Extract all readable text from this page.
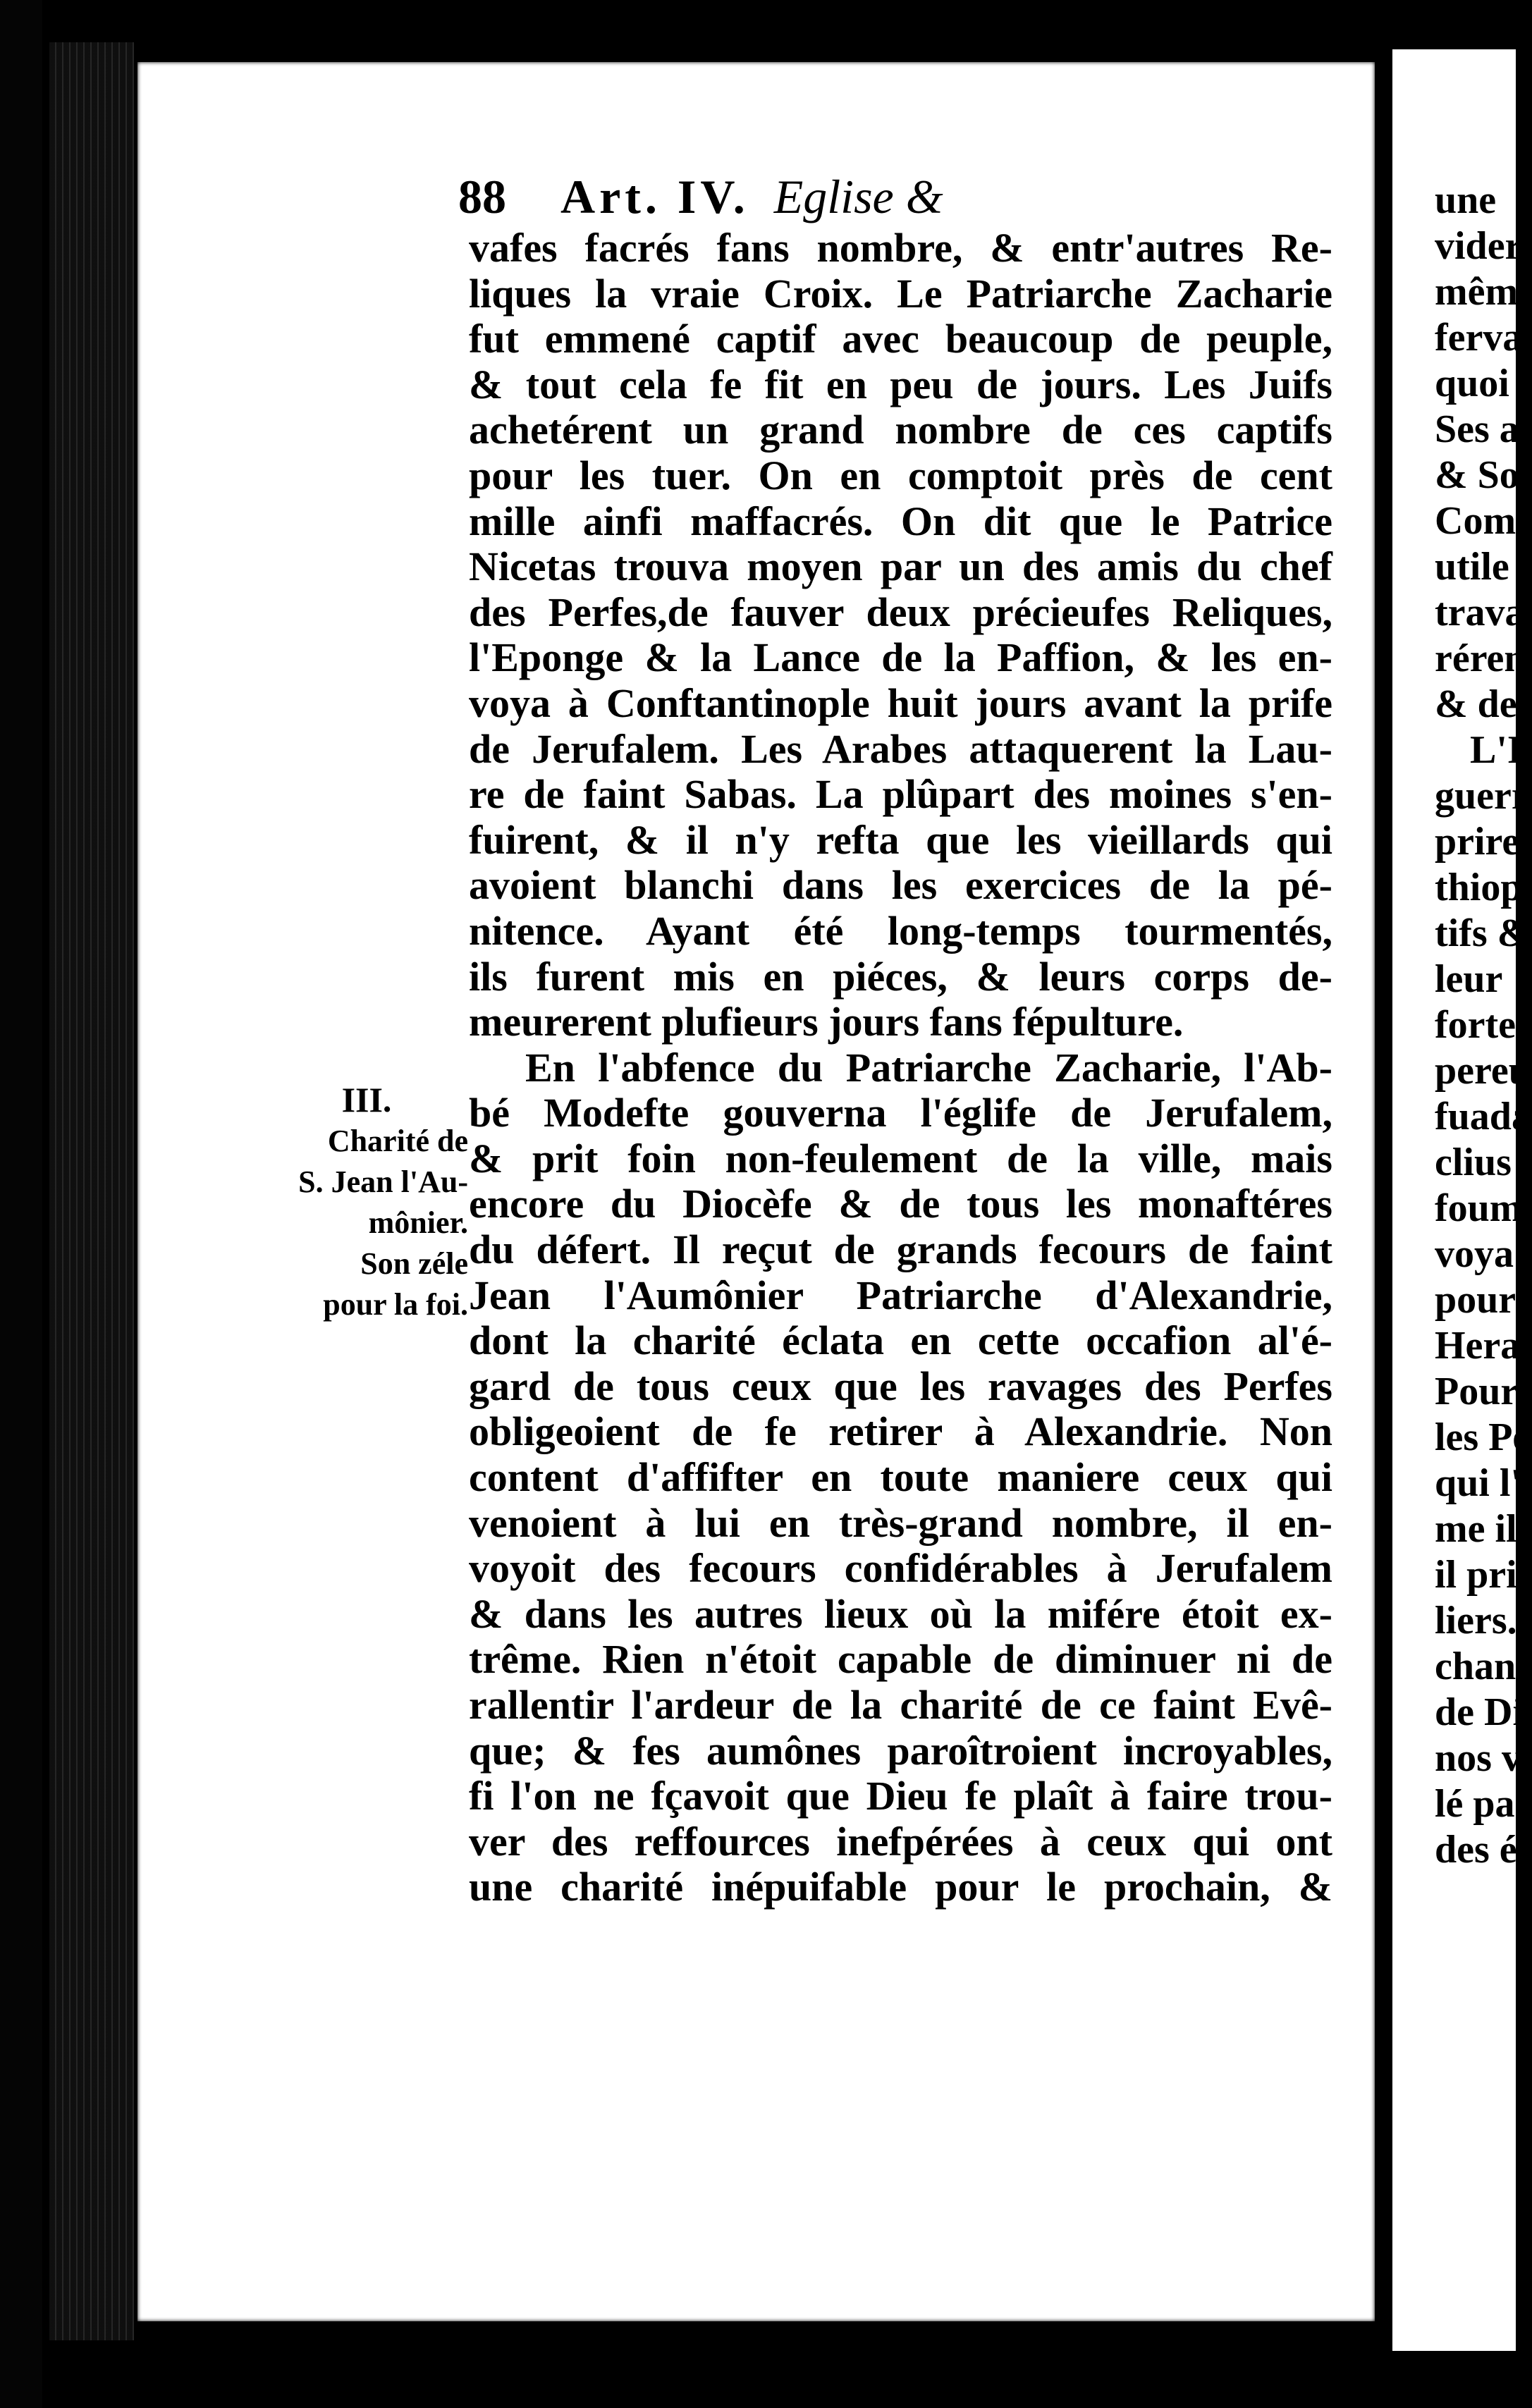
88 Art. IV. Eglise &
vafes facrés fans nombre, & entr'autres Re-
liques la vraie Croix. Le Patriarche Zacharie
fut emmené captif avec beaucoup de peuple,
& tout cela fe fit en peu de jours. Les Juifs
achetérent un grand nombre de ces captifs
pour les tuer. On en comptoit près de cent
mille ainfi maffacrés. On dit que le Patrice
Nicetas trouva moyen par un des amis du chef
des Perfes,de fauver deux précieufes Reliques,
l'Eponge & la Lance de la Paffion, & les en-
voya à Conftantinople huit jours avant la prife
de Jerufalem. Les Arabes attaquerent la Lau-
re de faint Sabas. La plûpart des moines s'en-
fuirent, & il n'y refta que les vieillards qui
avoient blanchi dans les exercices de la pé-
nitence. Ayant été long-temps tourmentés,
ils furent mis en piéces, & leurs corps de-
meurerent plufieurs jours fans fépulture.
En l'abfence du Patriarche Zacharie, l'Ab-
bé Modefte gouverna l'églife de Jerufalem,
& prit foin non-feulement de la ville, mais
encore du Diocèfe & de tous les monaftéres
du défert. Il reçut de grands fecours de faint
Jean l'Aumônier Patriarche d'Alexandrie,
dont la charité éclata en cette occafion al'é-
gard de tous ceux que les ravages des Perfes
obligeoient de fe retirer à Alexandrie. Non
content d'affifter en toute maniere ceux qui
venoient à lui en très-grand nombre, il en-
voyoit des fecours confidérables à Jerufalem
& dans les autres lieux où la mifére étoit ex-
trême. Rien n'étoit capable de diminuer ni de
rallentir l'ardeur de la charité de ce faint Evê-
que; & fes aumônes paroîtroient incroyables,
fi l'on ne fçavoit que Dieu fe plaît à faire trou-
ver des reffources inefpérées à ceux qui ont
une charité inépuifable pour le prochain, &
III.
Charité de
S. Jean l'Au-
mônier.
Son zéle
pour la foi.
une
vider
mêm
ferva
quoi
Ses a
& So
Com
utile
trava
réren
& de
L'I
guerr
prire
thiop
tifs &
leur
forte
pereu
fuada
clius
foum
voya
pour
Hera
Pour
les Pe
qui l'
me il
il prit
liers.
chant
de Di
nos v
lé par
des é
